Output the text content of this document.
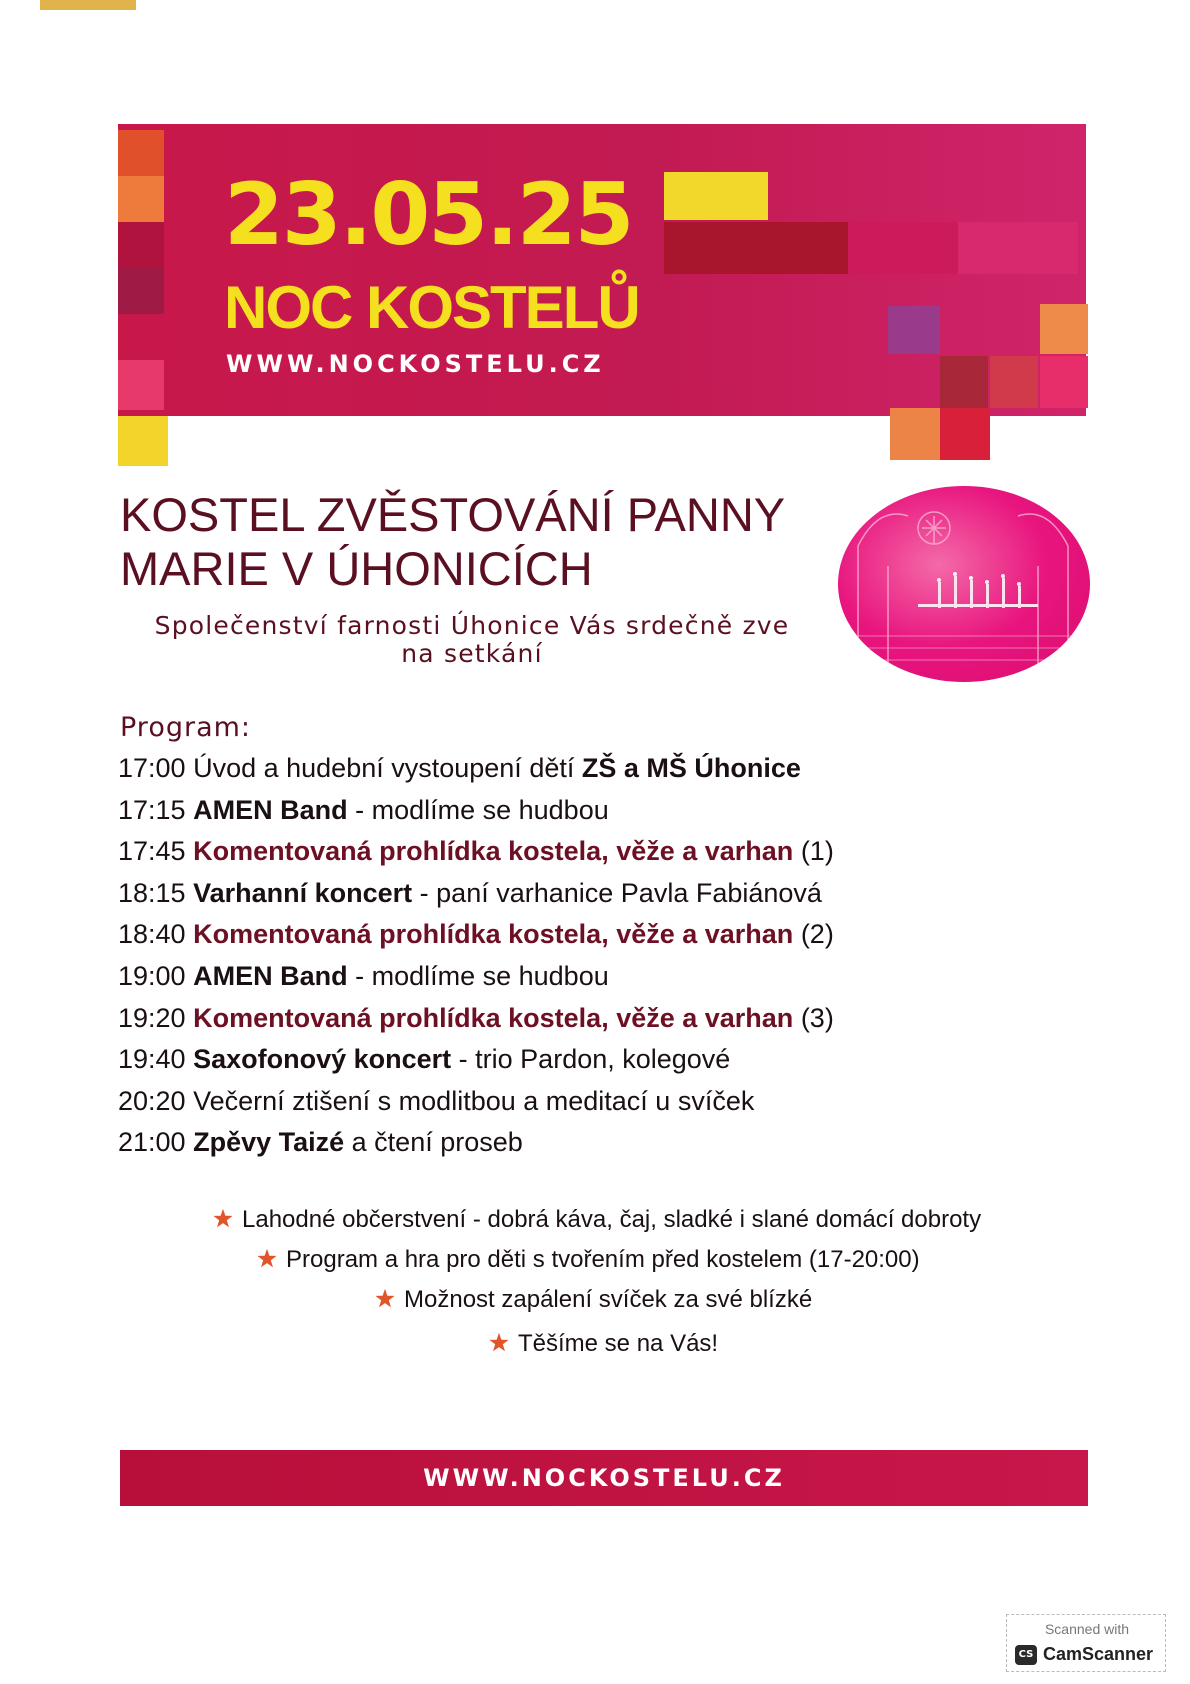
23.05.25
NOC KOSTELŮ
WWW.NOCKOSTELU.CZ
KOSTEL ZVĚSTOVÁNÍ PANNY
MARIE V ÚHONICÍCH
Společenství farnosti Úhonice Vás srdečně zve
na setkání
Program:
17:00 Úvod a hudební vystoupení dětí ZŠ a MŠ Úhonice
17:15 AMEN Band - modlíme se hudbou
17:45 Komentovaná prohlídka kostela, věže a varhan (1)
18:15 Varhanní koncert - paní varhanice Pavla Fabiánová
18:40 Komentovaná prohlídka kostela, věže a varhan (2)
19:00 AMEN Band - modlíme se hudbou
19:20 Komentovaná prohlídka kostela, věže a varhan (3)
19:40 Saxofonový koncert - trio Pardon, kolegové
20:20 Večerní ztišení s modlitbou a meditací u svíček
21:00 Zpěvy Taizé a čtení proseb
Lahodné občerstvení - dobrá káva, čaj, sladké i slané domácí dobroty
Program a hra pro děti s tvořením před kostelem (17-20:00)
Možnost zapálení svíček za své blízké
Těšíme se na Vás!
WWW.NOCKOSTELU.CZ
Scanned with
CS CamScanner
